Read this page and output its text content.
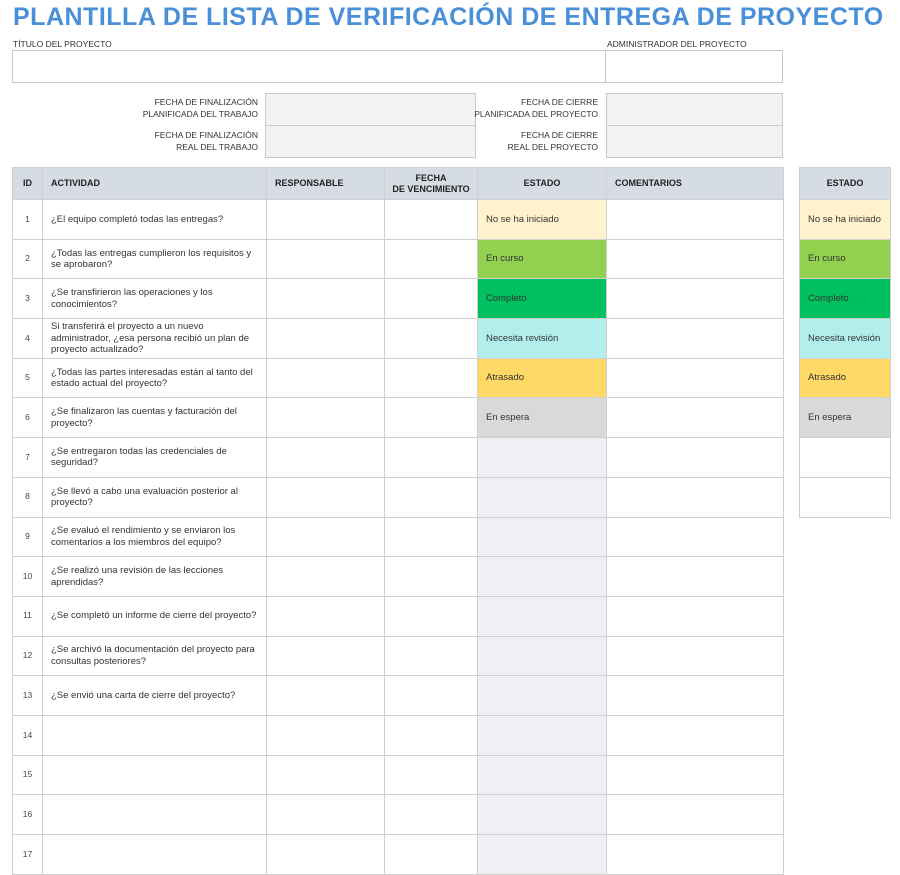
PLANTILLA DE LISTA DE VERIFICACIÓN DE ENTREGA DE PROYECTO
TÍTULO DEL PROYECTO	ADMINISTRADOR DEL PROYECTO
FECHA DE FINALIZACIÓN
PLANIFICADA DEL TRABAJO
FECHA DE FINALIZACIÓN
REAL DEL TRABAJO
FECHA DE CIERRE
PLANIFICADA DEL PROYECTO
FECHA DE CIERRE
REAL DEL PROYECTO
ID	ACTIVIDAD	RESPONSABLE	FECHA
DE VENCIMIENTO	ESTADO	COMENTARIOS
1	¿El equipo completó todas las entregas?			No se ha iniciado	
2	¿Todas las entregas cumplieron los requisitos y se aprobaron?			En curso	
3	¿Se transfirieron las operaciones y los conocimientos?			Completo	
4	Si transferirá el proyecto a un nuevo administrador, ¿esa persona recibió un plan de proyecto actualizado?			Necesita revisión	
5	¿Todas las partes interesadas están al tanto del estado actual del proyecto?			Atrasado	
6	¿Se finalizaron las cuentas y facturación del proyecto?			En espera	
7	¿Se entregaron todas las credenciales de seguridad?				
8	¿Se llevó a cabo una evaluación posterior al proyecto?				
9	¿Se evaluó el rendimiento y se enviaron los comentarios a los miembros del equipo?				
10	¿Se realizó una revisión de las lecciones aprendidas?				
11	¿Se completó un informe de cierre del proyecto?				
12	¿Se archivó la documentación del proyecto para consultas posteriores?				
13	¿Se envió una carta de cierre del proyecto?				
14					
15					
16					
17					
ESTADO
No se ha iniciado
En curso
Completo
Necesita revisión
Atrasado
En espera
